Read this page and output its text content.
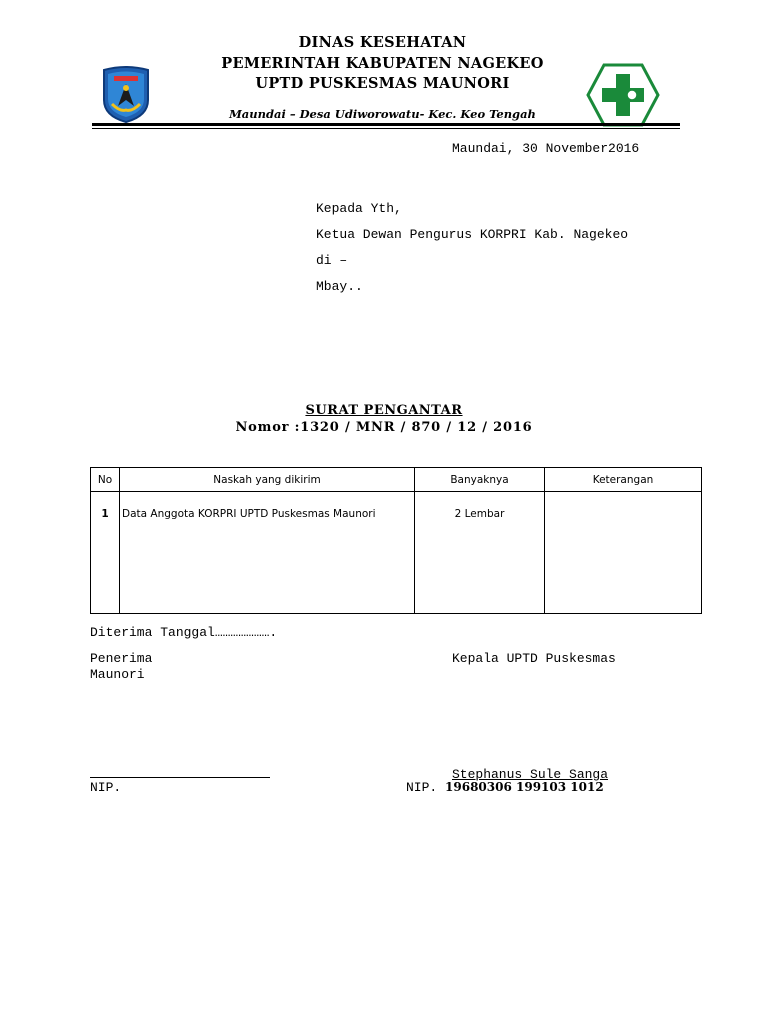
DINAS KESEHATAN
PEMERINTAH KABUPATEN NAGEKEO
UPTD PUSKESMAS MAUNORI
Maundai – Desa Udiworowatu- Kec. Keo Tengah
Maundai, 30 November2016
Kepada Yth,
Ketua Dewan Pengurus KORPRI Kab. Nagekeo
di –
Mbay..
SURAT PENGANTAR
Nomor :1320 / MNR / 870 / 12 / 2016
No	Naskah yang dikirim	Banyaknya	Keterangan
1	Data Anggota KORPRI UPTD Puskesmas Maunori	2 Lembar	
Diterima Tanggal………………….
Penerima
Maunori
Kepala UPTD Puskesmas
Stephanus Sule Sanga
NIP.	NIP. 19680306 199103 1012
